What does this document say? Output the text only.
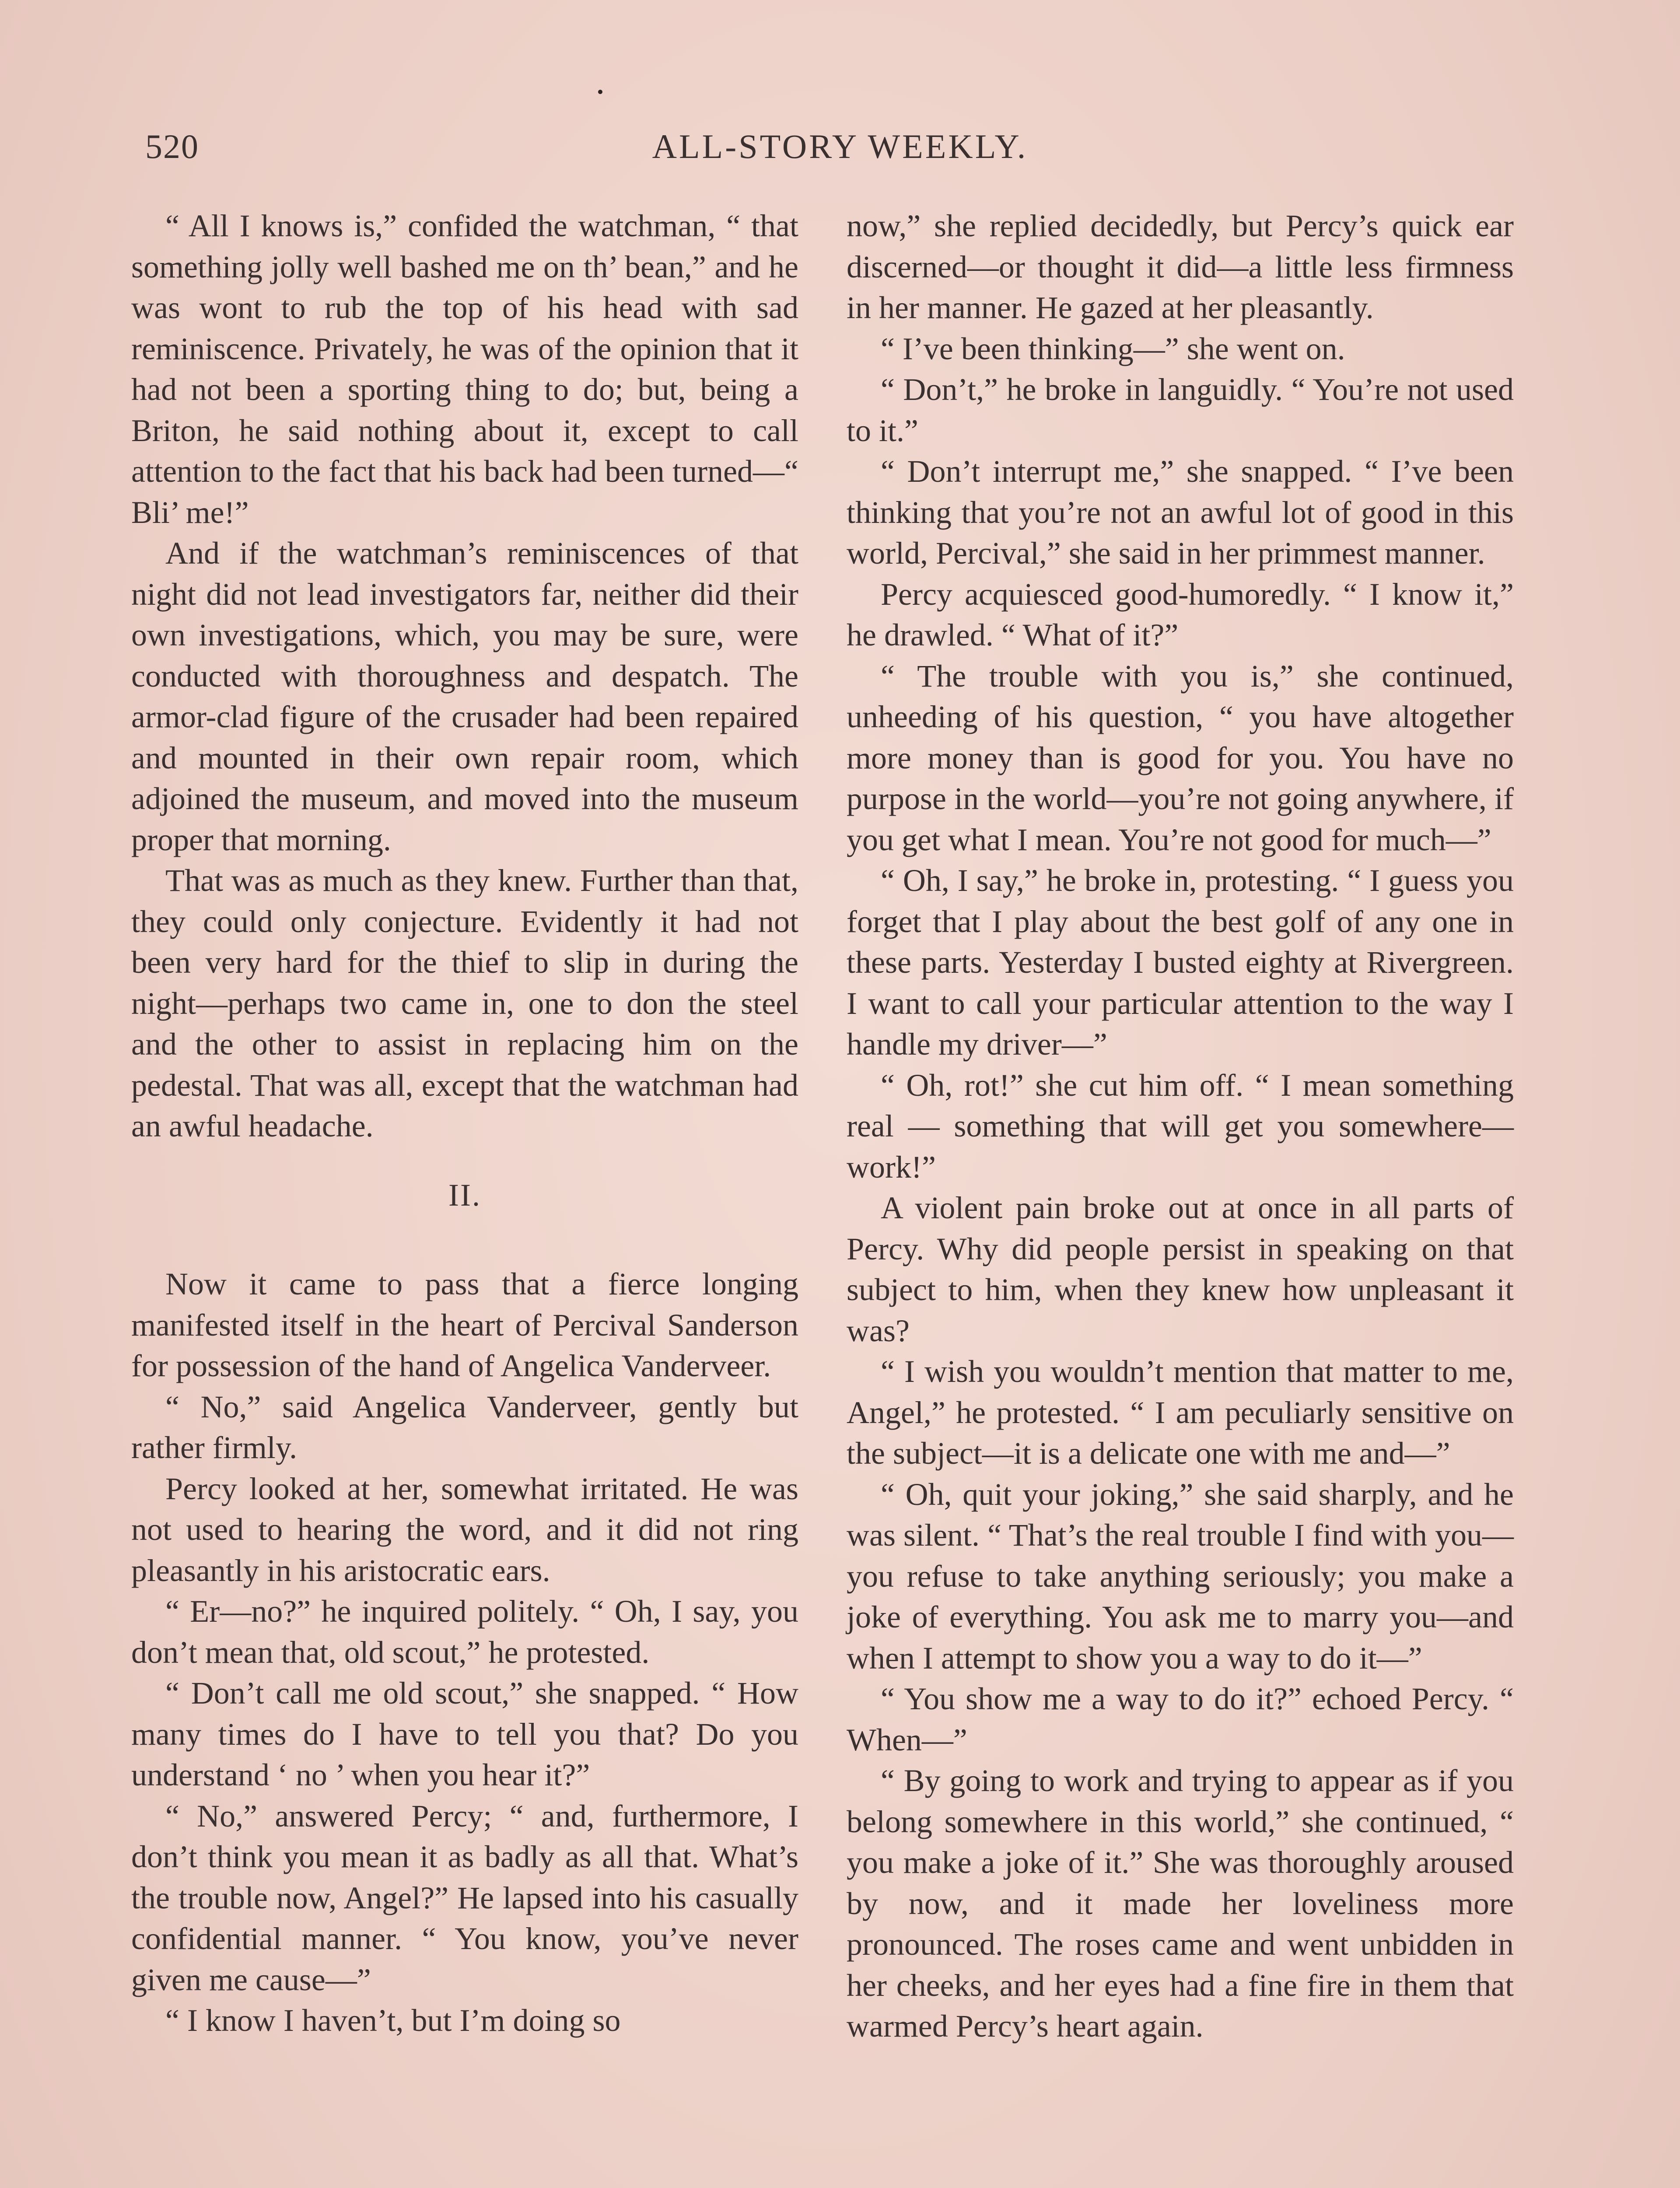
520	ALL-STORY WEEKLY.

“ All I knows is,” confided the watchman, “ that something jolly well bashed me on th’ bean,” and he was wont to rub the top of his head with sad reminiscence. Privately, he was of the opinion that it had not been a sporting thing to do; but, being a Briton, he said nothing about it, except to call attention to the fact that his back had been turned—“ Bli’ me!”

And if the watchman’s reminiscences of that night did not lead investigators far, neither did their own investigations, which, you may be sure, were conducted with thoroughness and despatch. The armor-clad figure of the crusader had been repaired and mounted in their own repair room, which adjoined the museum, and moved into the museum proper that morning.

That was as much as they knew. Further than that, they could only conjecture. Evidently it had not been very hard for the thief to slip in during the night—perhaps two came in, one to don the steel and the other to assist in replacing him on the pedestal. That was all, except that the watchman had an awful headache.

II.

Now it came to pass that a fierce longing manifested itself in the heart of Percival Sanderson for possession of the hand of Angelica Vanderveer.

“ No,” said Angelica Vanderveer, gently but rather firmly.

Percy looked at her, somewhat irritated. He was not used to hearing the word, and it did not ring pleasantly in his aristocratic ears.

“ Er—no?” he inquired politely. “ Oh, I say, you don’t mean that, old scout,” he protested.

“ Don’t call me old scout,” she snapped. “ How many times do I have to tell you that? Do you understand ‘ no ’ when you hear it?”

“ No,” answered Percy; “ and, furthermore, I don’t think you mean it as badly as all that. What’s the trouble now, Angel?” He lapsed into his casually confidential manner. “ You know, you’ve never given me cause—”

“ I know I haven’t, but I’m doing so

now,” she replied decidedly, but Percy’s quick ear discerned—or thought it did—a little less firmness in her manner. He gazed at her pleasantly.

“ I’ve been thinking—” she went on.

“ Don’t,” he broke in languidly. “ You’re not used to it.”

“ Don’t interrupt me,” she snapped. “ I’ve been thinking that you’re not an awful lot of good in this world, Percival,” she said in her primmest manner.

Percy acquiesced good-humoredly. “ I know it,” he drawled. “ What of it?”

“ The trouble with you is,” she continued, unheeding of his question, “ you have altogether more money than is good for you. You have no purpose in the world—you’re not going anywhere, if you get what I mean. You’re not good for much—”

“ Oh, I say,” he broke in, protesting. “ I guess you forget that I play about the best golf of any one in these parts. Yesterday I busted eighty at Rivergreen. I want to call your particular attention to the way I handle my driver—”

“ Oh, rot!” she cut him off. “ I mean something real — something that will get you somewhere—work!”

A violent pain broke out at once in all parts of Percy. Why did people persist in speaking on that subject to him, when they knew how unpleasant it was?

“ I wish you wouldn’t mention that matter to me, Angel,” he protested. “ I am peculiarly sensitive on the subject—it is a delicate one with me and—”

“ Oh, quit your joking,” she said sharply, and he was silent. “ That’s the real trouble I find with you—you refuse to take anything seriously; you make a joke of everything. You ask me to marry you—and when I attempt to show you a way to do it—”

“ You show me a way to do it?” echoed Percy. “ When—”

“ By going to work and trying to appear as if you belong somewhere in this world,” she continued, “ you make a joke of it.” She was thoroughly aroused by now, and it made her loveliness more pronounced. The roses came and went unbidden in her cheeks, and her eyes had a fine fire in them that warmed Percy’s heart again.
